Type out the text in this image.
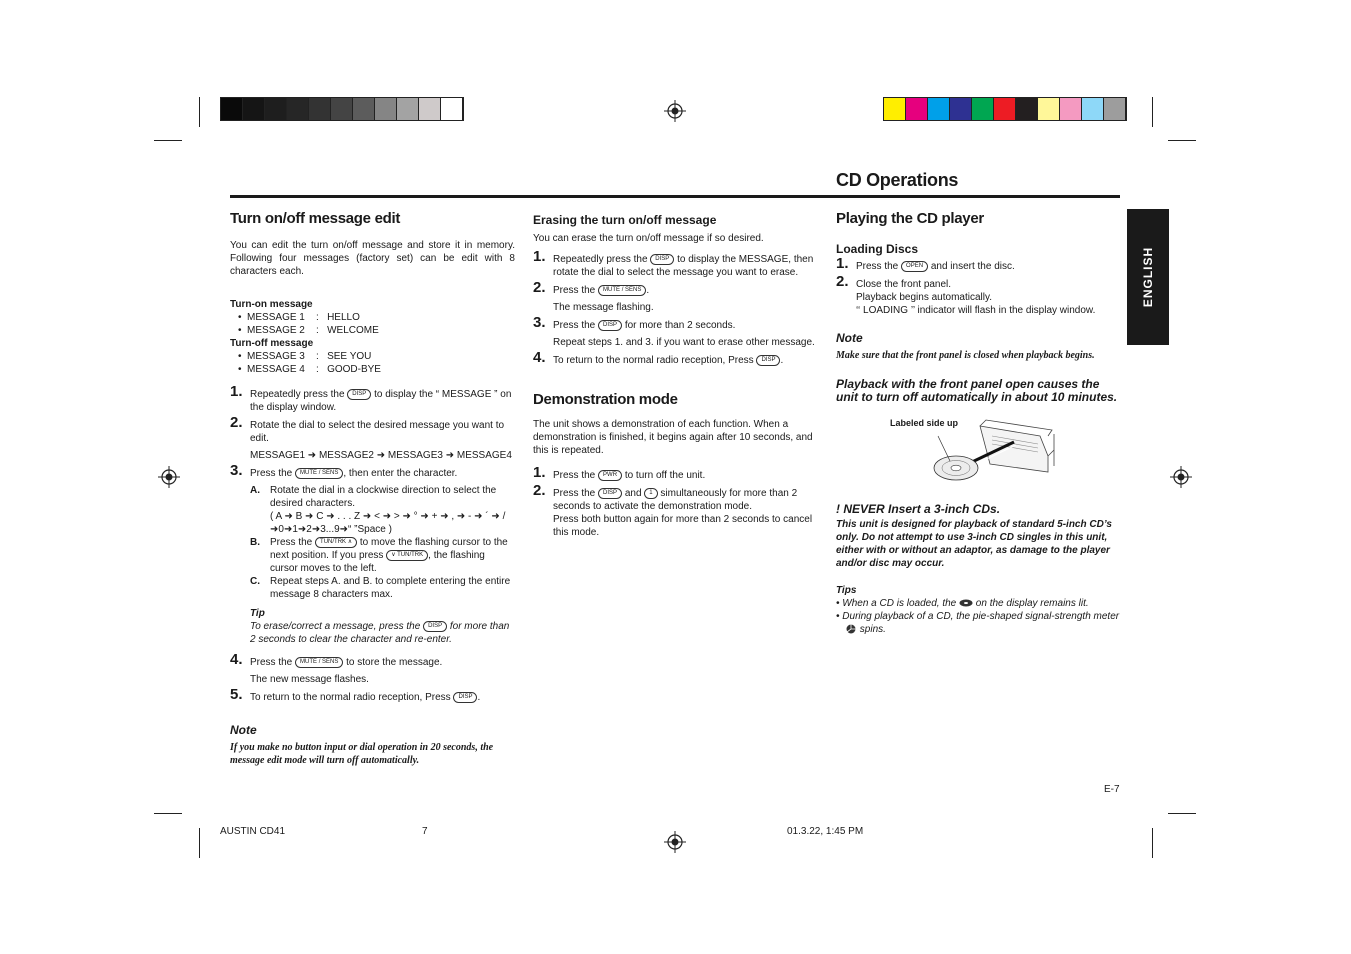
CD Operations
ENGLISH
Turn on/off message edit

You can edit the turn on/off message and store it in memory. Following four messages (factory set) can be edit with 8 characters each.

Turn-on message

•  MESSAGE 1    :   HELLO

•  MESSAGE 2    :   WELCOME

Turn-off message

•  MESSAGE 3    :   SEE YOU

•  MESSAGE 4    :   GOOD-BYE

1. Repeatedly press the DISP to display the “ MESSAGE ” on the display window.
2. Rotate the dial to select the desired message you want to edit.

MESSAGE1 ➜ MESSAGE2 ➜ MESSAGE3 ➜ MESSAGE4

3. Press the MUTE / SENS , then enter the character.
A. Rotate the dial in a clockwise direction to select the desired characters.

( A ➜ B ➜ C ➜ . . . Z ➜ < ➜ > ➜ ° ➜ + ➜ , ➜ - ➜ ´ ➜ / ➜0➜1➜2➜3...9➜“ ”Space )

B. Press the TUN/TRK ∧ to move the flashing cursor to the next position. If you press ∨ TUN/TRK , the flashing cursor moves to the left.
C. Repeat steps A. and B. to complete entering the entire message 8 characters max.

Tip

To erase/correct a message, press the DISP for more than 2 seconds to clear the character and re-enter.

4. Press the MUTE / SENS to store the message.

The new message flashes.

5. To return to the normal radio reception, Press DISP .

Note

If you make no button input or dial operation in 20 seconds, the message edit mode will turn off automatically.

Erasing the turn on/off message

You can erase the turn on/off message if so desired.

1. Repeatedly press the DISP to display the MESSAGE, then rotate the dial to select the message you want to erase.
2. Press the MUTE / SENS .

The message flashing.

3. Press the DISP for more than 2 seconds.

Repeat steps 1. and 3. if you want to erase other message.

4. To return to the normal radio reception, Press DISP .
Demonstration mode

The unit shows a demonstration of each function. When a demonstration is finished, it begins again after 10 seconds, and this is repeated.

1. Press the PWR to turn off the unit.
2. Press the DISP and 1 simultaneously for more than 2 seconds to activate the demonstration mode.

Press both button again for more than 2 seconds to cancel this mode.

Playing the CD player
Loading Discs
1. Press the OPEN and insert the disc.
2. Close the front panel.

Playback begins automatically.

‘‘ LOADING ’’ indicator will flash in the display window.

Note

Make sure that the front panel is closed when playback begins.

Playback with the front panel open causes the unit to turn off automatically in about 10 minutes.

Labeled side up

! NEVER Insert a 3-inch CDs.

This unit is designed for playback of standard 5-inch CD’s only. Do not attempt to use 3-inch CD singles in this unit, either with or without an adaptor, as damage to the player and/or disc may occur.

Tips

• When a CD is loaded, the on the display remains lit.

• During playback of a CD, the pie-shaped signal-strength meter  spins.

E-7
AUSTIN CD41	7	01.3.22, 1:45 PM
